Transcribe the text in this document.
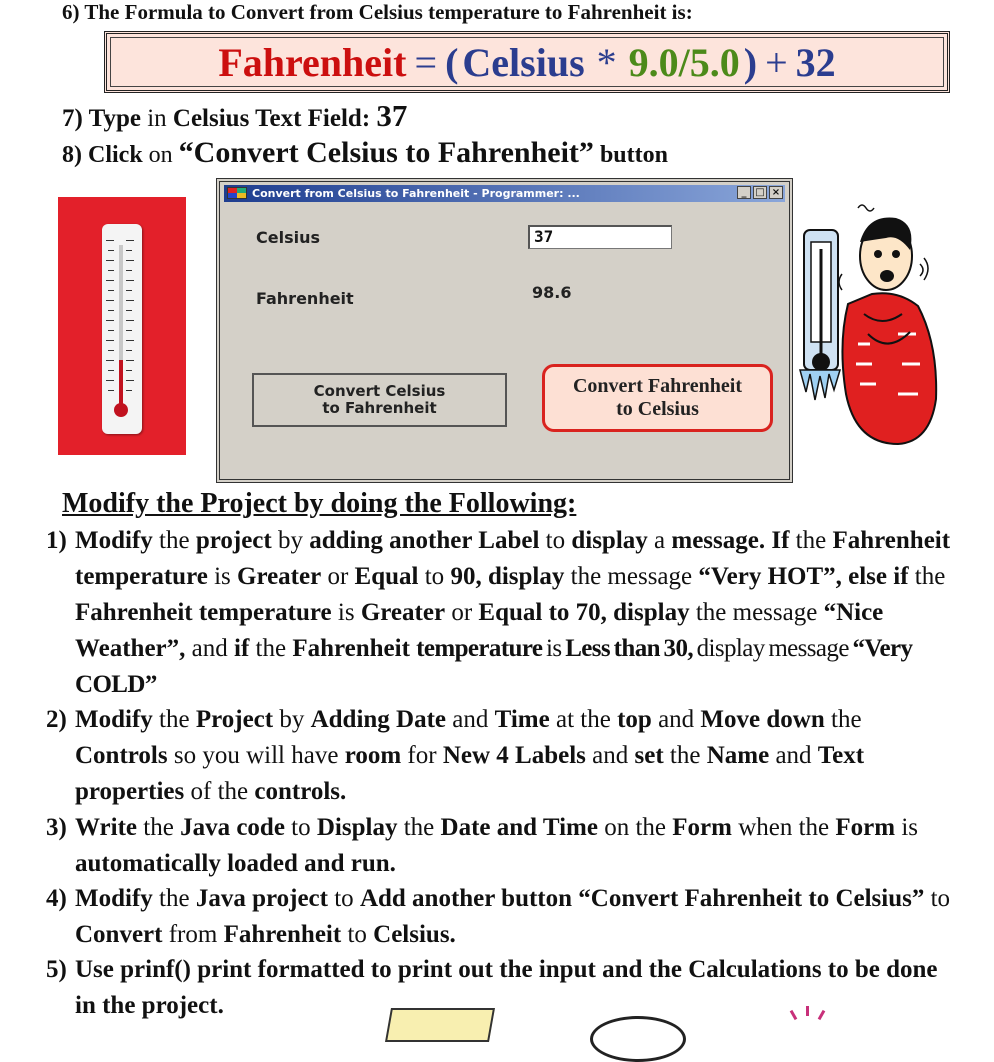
6) The Formula to Convert from Celsius temperature to Fahrenheit is:
Fahrenheit = ( Celsius * 9.0/5.0 ) + 32
7) Type in Celsius Text Field: 37
8) Click on “Convert Celsius to Fahrenheit” button
Convert from Celsius to Fahrenheit - Programmer: ...	_ □ ×
Celsius	37
Fahrenheit	98.6
Convert Celsius
to Fahrenheit
Convert Fahrenheit
to Celsius
Modify the Project by doing the Following:
1) Modify the project by adding another Label to display a message. If the Fahrenheit temperature is Greater or Equal to 90, display the message “Very HOT”, else if the Fahrenheit temperature is Greater or Equal to 70, display the message “Nice Weather”, and if the Fahrenheit temperature is Less than 30, display message “Very COLD”
2) Modify the Project by Adding Date and Time at the top and Move down the Controls so you will have room for New 4 Labels and set the Name and Text properties of the controls.
3) Write the Java code to Display the Date and Time on the Form when the Form is automatically loaded and run.
4) Modify the Java project to Add another button “Convert Fahrenheit to Celsius” to Convert from Fahrenheit to Celsius.
5) Use prinf() print formatted to print out the input and the Calculations to be done in the project.
